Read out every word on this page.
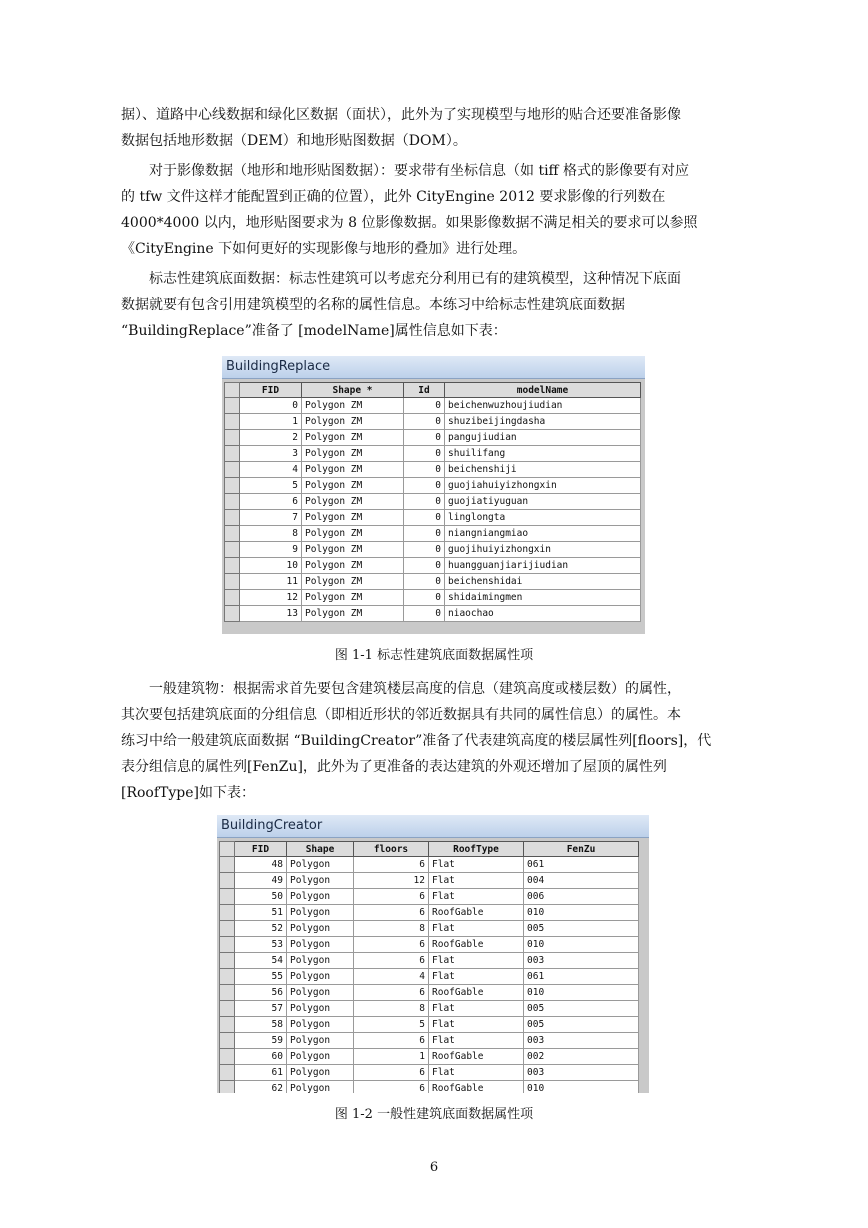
据）、道路中心线数据和绿化区数据（面状），此外为了实现模型与地形的贴合还要准备影像

数据包括地形数据（DEM）和地形贴图数据（DOM）。

对于影像数据（地形和地形贴图数据）：要求带有坐标信息（如 tiff 格式的影像要有对应

的 tfw 文件这样才能配置到正确的位置），此外 CityEngine 2012 要求影像的行列数在

4000*4000 以内，地形贴图要求为 8 位影像数据。如果影像数据不满足相关的要求可以参照

《CityEngine 下如何更好的实现影像与地形的叠加》进行处理。

标志性建筑底面数据：标志性建筑可以考虑充分利用已有的建筑模型，这种情况下底面

数据就要有包含引用建筑模型的名称的属性信息。本练习中给标志性建筑底面数据

“BuildingReplace”准备了 [modelName]属性信息如下表：

BuildingReplace
	FID	Shape *	Id	modelName
	0	Polygon ZM	0	beichenwuzhoujiudian
	1	Polygon ZM	0	shuzibeijingdasha
	2	Polygon ZM	0	pangujiudian
	3	Polygon ZM	0	shuilifang
	4	Polygon ZM	0	beichenshiji
	5	Polygon ZM	0	guojiahuiyizhongxin
	6	Polygon ZM	0	guojiatiyuguan
	7	Polygon ZM	0	linglongta
	8	Polygon ZM	0	niangniangmiao
	9	Polygon ZM	0	guojihuiyizhongxin
	10	Polygon ZM	0	huangguanjiarijiudian
	11	Polygon ZM	0	beichenshidai
	12	Polygon ZM	0	shidaimingmen
	13	Polygon ZM	0	niaochao
图 1-1 标志性建筑底面数据属性项

一般建筑物：根据需求首先要包含建筑楼层高度的信息（建筑高度或楼层数）的属性，

其次要包括建筑底面的分组信息（即相近形状的邻近数据具有共同的属性信息）的属性。本

练习中给一般建筑底面数据 “BuildingCreator”准备了代表建筑高度的楼层属性列[floors]，代

表分组信息的属性列[FenZu]，此外为了更准备的表达建筑的外观还增加了屋顶的属性列

[RoofType]如下表：

BuildingCreator
	FID	Shape	floors	RoofType	FenZu
	48	Polygon	6	Flat	061
	49	Polygon	12	Flat	004
	50	Polygon	6	Flat	006
	51	Polygon	6	RoofGable	010
	52	Polygon	8	Flat	005
	53	Polygon	6	RoofGable	010
	54	Polygon	6	Flat	003
	55	Polygon	4	Flat	061
	56	Polygon	6	RoofGable	010
	57	Polygon	8	Flat	005
	58	Polygon	5	Flat	005
	59	Polygon	6	Flat	003
	60	Polygon	1	RoofGable	002
	61	Polygon	6	Flat	003
	62	Polygon	6	RoofGable	010
图 1-2 一般性建筑底面数据属性项
6
